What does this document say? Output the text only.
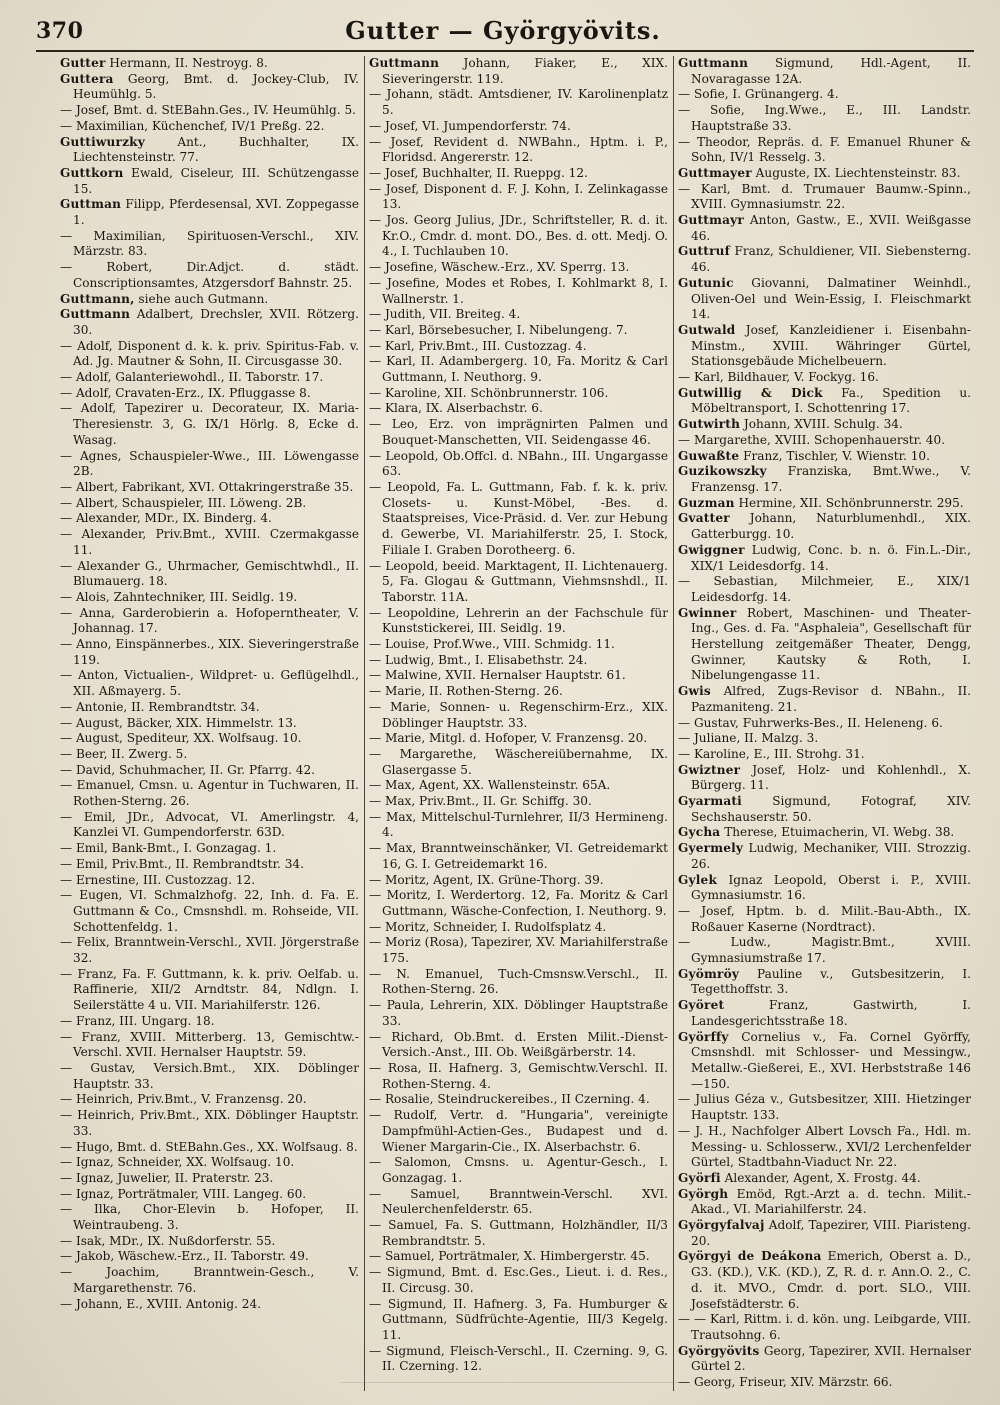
370	Gutter — Györgyövits.
Gutter Hermann, II. Nestroyg. 8.
Guttera Georg, Bmt. d. Jockey-Club, IV. Heumühlg. 5.
— Josef, Bmt. d. StEBahn.Ges., IV. Heumühlg. 5.
— Maximilian, Küchenchef, IV/1 Preßg. 22.
Guttiwurzky Ant., Buchhalter, IX. Liechtensteinstr. 77.
Guttkorn Ewald, Ciseleur, III. Schützengasse 15.
Guttman Filipp, Pferdesensal, XVI. Zoppegasse 1.
— Maximilian, Spirituosen-Verschl., XIV. Märzstr. 83.
— Robert, Dir.Adjct. d. städt. Conscriptionsamtes, Atzgersdorf Bahnstr. 25.
Guttmann, siehe auch Gutmann.
Guttmann Adalbert, Drechsler, XVII. Rötzerg. 30.
— Adolf, Disponent d. k. k. priv. Spiritus-Fab. v. Ad. Jg. Mautner & Sohn, II. Circusgasse 30.
— Adolf, Galanteriewohdl., II. Taborstr. 17.
— Adolf, Cravaten-Erz., IX. Pfluggasse 8.
— Adolf, Tapezirer u. Decorateur, IX. Maria-Theresienstr. 3, G. IX/1 Hörlg. 8, Ecke d. Wasag.
— Agnes, Schauspieler-Wwe., III. Löwengasse 2B.
— Albert, Fabrikant, XVI. Ottakringerstraße 35.
— Albert, Schauspieler, III. Löweng. 2B.
— Alexander, MDr., IX. Binderg. 4.
— Alexander, Priv.Bmt., XVIII. Czermakgasse 11.
— Alexander G., Uhrmacher, Gemischtwhdl., II. Blumauerg. 18.
— Alois, Zahntechniker, III. Seidlg. 19.
— Anna, Garderobierin a. Hofoperntheater, V. Johannag. 17.
— Anno, Einspännerbes., XIX. Sieveringerstraße 119.
— Anton, Victualien-, Wildpret- u. Geflügelhdl., XII. Aßmayerg. 5.
— Antonie, II. Rembrandtstr. 34.
— August, Bäcker, XIX. Himmelstr. 13.
— August, Spediteur, XX. Wolfsaug. 10.
— Beer, II. Zwerg. 5.
— David, Schuhmacher, II. Gr. Pfarrg. 42.
— Emanuel, Cmsn. u. Agentur in Tuchwaren, II. Rothen-Sterng. 26.
— Emil, JDr., Advocat, VI. Amerlingstr. 4, Kanzlei VI. Gumpendorferstr. 63D.
— Emil, Bank-Bmt., I. Gonzagag. 1.
— Emil, Priv.Bmt., II. Rembrandtstr. 34.
— Ernestine, III. Custozzag. 12.
— Eugen, VI. Schmalzhofg. 22, Inh. d. Fa. E. Guttmann & Co., Cmsnshdl. m. Rohseide, VII. Schottenfeldg. 1.
— Felix, Branntwein-Verschl., XVII. Jörgerstraße 32.
— Franz, Fa. F. Guttmann, k. k. priv. Oelfab. u. Raffinerie, XII/2 Arndtstr. 84, Ndlgn. I. Seilerstätte 4 u. VII. Mariahilferstr. 126.
— Franz, III. Ungarg. 18.
— Franz, XVIII. Mitterberg. 13, Gemischtw.-Verschl. XVII. Hernalser Hauptstr. 59.
— Gustav, Versich.Bmt., XIX. Döblinger Hauptstr. 33.
— Heinrich, Priv.Bmt., V. Franzensg. 20.
— Heinrich, Priv.Bmt., XIX. Döblinger Hauptstr. 33.
— Hugo, Bmt. d. StEBahn.Ges., XX. Wolfsaug. 8.
— Ignaz, Schneider, XX. Wolfsaug. 10.
— Ignaz, Juwelier, II. Praterstr. 23.
— Ignaz, Porträtmaler, VIII. Langeg. 60.
— Ilka, Chor-Elevin b. Hofoper, II. Weintraubeng. 3.
— Isak, MDr., IX. Nußdorferstr. 55.
— Jakob, Wäschew.-Erz., II. Taborstr. 49.
— Joachim, Branntwein-Gesch., V. Margarethenstr. 76.
— Johann, E., XVIII. Antonig. 24.
Guttmann Johann, Fiaker, E., XIX. Sieveringerstr. 119.
— Johann, städt. Amtsdiener, IV. Karolinenplatz 5.
— Josef, VI. Jumpendorferstr. 74.
— Josef, Revident d. NWBahn., Hptm. i. P., Floridsd. Angererstr. 12.
— Josef, Buchhalter, II. Rueppg. 12.
— Josef, Disponent d. F. J. Kohn, I. Zelinkagasse 13.
— Jos. Georg Julius, JDr., Schriftsteller, R. d. it. Kr.O., Cmdr. d. mont. DO., Bes. d. ott. Medj. O. 4., I. Tuchlauben 10.
— Josefine, Wäschew.-Erz., XV. Sperrg. 13.
— Josefine, Modes et Robes, I. Kohlmarkt 8, I. Wallnerstr. 1.
— Judith, VII. Breiteg. 4.
— Karl, Börsebesucher, I. Nibelungeng. 7.
— Karl, Priv.Bmt., III. Custozzag. 4.
— Karl, II. Adambergerg. 10, Fa. Moritz & Carl Guttmann, I. Neuthorg. 9.
— Karoline, XII. Schönbrunnerstr. 106.
— Klara, IX. Alserbachstr. 6.
— Leo, Erz. von imprägnirten Palmen und Bouquet-Manschetten, VII. Seidengasse 46.
— Leopold, Ob.Offcl. d. NBahn., III. Ungargasse 63.
— Leopold, Fa. L. Guttmann, Fab. f. k. k. priv. Closets- u. Kunst-Möbel, -Bes. d. Staatspreises, Vice-Präsid. d. Ver. zur Hebung d. Gewerbe, VI. Mariahilferstr. 25, I. Stock, Filiale I. Graben Dorotheerg. 6.
— Leopold, beeid. Marktagent, II. Lichtenauerg. 5, Fa. Glogau & Guttmann, Viehmsnshdl., II. Taborstr. 11A.
— Leopoldine, Lehrerin an der Fachschule für Kunststickerei, III. Seidlg. 19.
— Louise, Prof.Wwe., VIII. Schmidg. 11.
— Ludwig, Bmt., I. Elisabethstr. 24.
— Malwine, XVII. Hernalser Hauptstr. 61.
— Marie, II. Rothen-Sterng. 26.
— Marie, Sonnen- u. Regenschirm-Erz., XIX. Döblinger Hauptstr. 33.
— Marie, Mitgl. d. Hofoper, V. Franzensg. 20.
— Margarethe, Wäschereiübernahme, IX. Glasergasse 5.
— Max, Agent, XX. Wallensteinstr. 65A.
— Max, Priv.Bmt., II. Gr. Schiffg. 30.
— Max, Mittelschul-Turnlehrer, II/3 Hermineng. 4.
— Max, Branntweinschänker, VI. Getreidemarkt 16, G. I. Getreidemarkt 16.
— Moritz, Agent, IX. Grüne-Thorg. 39.
— Moritz, I. Werdertorg. 12, Fa. Moritz & Carl Guttmann, Wäsche-Confection, I. Neuthorg. 9.
— Moritz, Schneider, I. Rudolfsplatz 4.
— Moriz (Rosa), Tapezirer, XV. Mariahilferstraße 175.
— N. Emanuel, Tuch-Cmsnsw.Verschl., II. Rothen-Sterng. 26.
— Paula, Lehrerin, XIX. Döblinger Hauptstraße 33.
— Richard, Ob.Bmt. d. Ersten Milit.-Dienst-Versich.-Anst., III. Ob. Weißgärberstr. 14.
— Rosa, II. Hafnerg. 3, Gemischtw.Verschl. II. Rothen-Sterng. 4.
— Rosalie, Steindruckereibes., II Czerning. 4.
— Rudolf, Vertr. d. "Hungaria", vereinigte Dampfmühl-Actien-Ges., Budapest und d. Wiener Margarin-Cie., IX. Alserbachstr. 6.
— Salomon, Cmsns. u. Agentur-Gesch., I. Gonzagag. 1.
— Samuel, Branntwein-Verschl. XVI. Neulerchenfelderstr. 65.
— Samuel, Fa. S. Guttmann, Holzhändler, II/3 Rembrandtstr. 5.
— Samuel, Porträtmaler, X. Himbergerstr. 45.
— Sigmund, Bmt. d. Esc.Ges., Lieut. i. d. Res., II. Circusg. 30.
— Sigmund, II. Hafnerg. 3, Fa. Humburger & Guttmann, Südfrüchte-Agentie, III/3 Kegelg. 11.
— Sigmund, Fleisch-Verschl., II. Czerning. 9, G. II. Czerning. 12.
Guttmann Sigmund, Hdl.-Agent, II. Novaragasse 12A.
— Sofie, I. Grünangerg. 4.
— Sofie, Ing.Wwe., E., III. Landstr. Hauptstraße 33.
— Theodor, Repräs. d. F. Emanuel Rhuner & Sohn, IV/1 Resselg. 3.
Guttmayer Auguste, IX. Liechtensteinstr. 83.
— Karl, Bmt. d. Trumauer Baumw.-Spinn., XVIII. Gymnasiumstr. 22.
Guttmayr Anton, Gastw., E., XVII. Weißgasse 46.
Guttruf Franz, Schuldiener, VII. Siebensterng. 46.
Gutunic Giovanni, Dalmatiner Weinhdl., Oliven-Oel und Wein-Essig, I. Fleischmarkt 14.
Gutwald Josef, Kanzleidiener i. Eisenbahn-Minstm., XVIII. Währinger Gürtel, Stationsgebäude Michelbeuern.
— Karl, Bildhauer, V. Fockyg. 16.
Gutwillig & Dick Fa., Spedition u. Möbeltransport, I. Schottenring 17.
Gutwirth Johann, XVIII. Schulg. 34.
— Margarethe, XVIII. Schopenhauerstr. 40.
Guwaßte Franz, Tischler, V. Wienstr. 10.
Guzikowszky Franziska, Bmt.Wwe., V. Franzensg. 17.
Guzman Hermine, XII. Schönbrunnerstr. 295.
Gvatter Johann, Naturblumenhdl., XIX. Gatterburgg. 10.
Gwiggner Ludwig, Conc. b. n. ö. Fin.L.-Dir., XIX/1 Leidesdorfg. 14.
— Sebastian, Milchmeier, E., XIX/1 Leidesdorfg. 14.
Gwinner Robert, Maschinen- und Theater-Ing., Ges. d. Fa. "Asphaleia", Gesellschaft für Herstellung zeitgemäßer Theater, Dengg, Gwinner, Kautsky & Roth, I. Nibelungengasse 11.
Gwis Alfred, Zugs-Revisor d. NBahn., II. Pazmaniteng. 21.
— Gustav, Fuhrwerks-Bes., II. Heleneng. 6.
— Juliane, II. Malzg. 3.
— Karoline, E., III. Strohg. 31.
Gwiztner Josef, Holz- und Kohlenhdl., X. Bürgerg. 11.
Gyarmati Sigmund, Fotograf, XIV. Sechshauserstr. 50.
Gycha Therese, Etuimacherin, VI. Webg. 38.
Gyermely Ludwig, Mechaniker, VIII. Strozzig. 26.
Gylek Ignaz Leopold, Oberst i. P., XVIII. Gymnasiumstr. 16.
— Josef, Hptm. b. d. Milit.-Bau-Abth., IX. Roßauer Kaserne (Nordtract).
— Ludw., Magistr.Bmt., XVIII. Gymnasiumstraße 17.
Gyömröy Pauline v., Gutsbesitzerin, I. Tegetthoffstr. 3.
Györet Franz, Gastwirth, I. Landesgerichtsstraße 18.
Györffy Cornelius v., Fa. Cornel Györffy, Cmsnshdl. mit Schlosser- und Messingw., Metallw.-Gießerei, E., XVI. Herbststraße 146—150.
— Julius Géza v., Gutsbesitzer, XIII. Hietzinger Hauptstr. 133.
— J. H., Nachfolger Albert Lovsch Fa., Hdl. m. Messing- u. Schlosserw., XVI/2 Lerchenfelder Gürtel, Stadtbahn-Viaduct Nr. 22.
Györfi Alexander, Agent, X. Frostg. 44.
Györgh Emöd, Rgt.-Arzt a. d. techn. Milit.-Akad., VI. Mariahilferstr. 24.
Györgyfalvaj Adolf, Tapezirer, VIII. Piaristeng. 20.
Györgyi de Deákona Emerich, Oberst a. D., G3. (KD.), V.K. (KD.), Z, R. d. r. Ann.O. 2., C. d. it. MVO., Cmdr. d. port. SLO., VIII. Josefstädterstr. 6.
— — Karl, Rittm. i. d. kön. ung. Leibgarde, VIII. Trautsohng. 6.
Györgyövits Georg, Tapezirer, XVII. Hernalser Gürtel 2.
— Georg, Friseur, XIV. Märzstr. 66.
